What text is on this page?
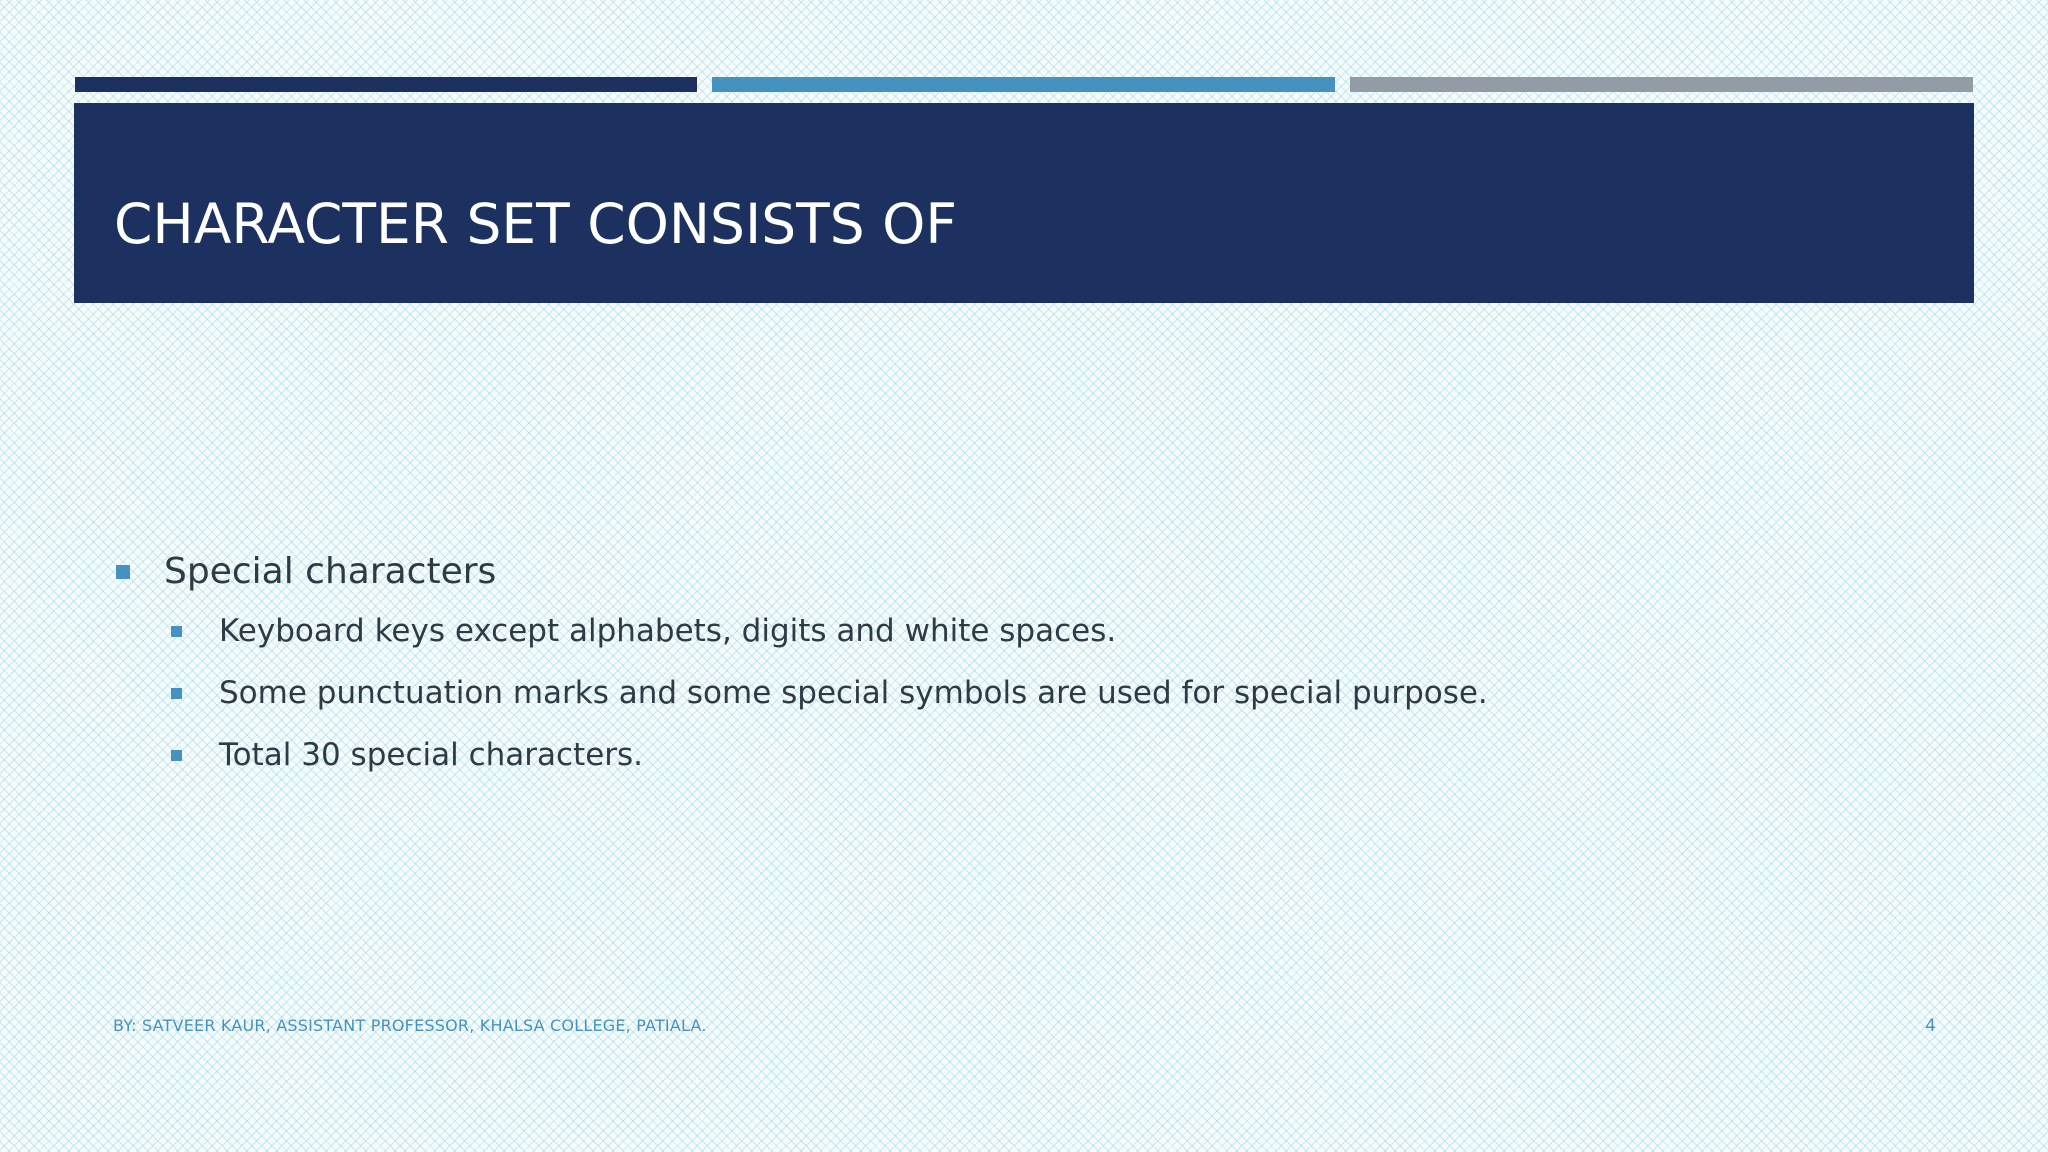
CHARACTER SET CONSISTS OF
Special characters
Keyboard keys except alphabets, digits and white spaces.
Some punctuation marks and some special symbols are used for special purpose.
Total 30 special characters.
BY: SATVEER KAUR, ASSISTANT PROFESSOR, KHALSA COLLEGE, PATIALA.	4
